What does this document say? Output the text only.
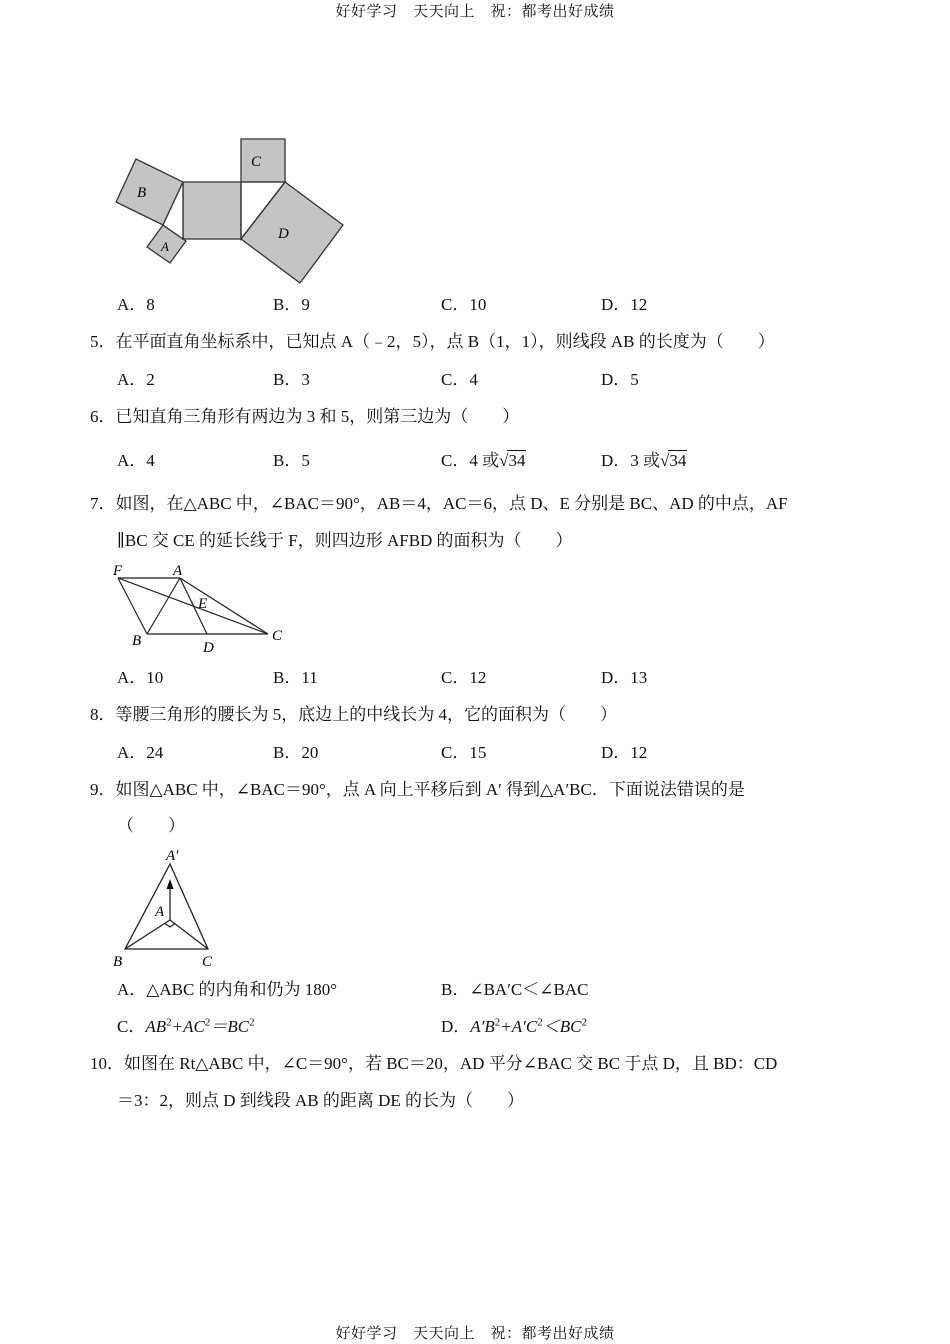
好好学习　天天向上　祝：都考出好成绩
好好学习　天天向上　祝：都考出好成绩
B
A
C
D
A．8	B．9	C．10	D．12
5．在平面直角坐标系中，已知点 A（﹣2，5），点 B（1，1），则线段 AB 的长度为（　　）
A．2	B．3	C．4	D．5
6．已知直角三角形有两边为 3 和 5，则第三边为（　　）
A．4	B．5	C．4 或√34	D．3 或√34
7．如图，在△ABC 中，∠BAC＝90°，AB＝4，AC＝6，点 D、E 分别是 BC、AD 的中点，AF
∥BC 交 CE 的延长线于 F，则四边形 AFBD 的面积为（　　）
F	A
E
B	D
C
A．10	B．11	C．12	D．13
8．等腰三角形的腰长为 5，底边上的中线长为 4，它的面积为（　　）
A．24	B．20	C．15	D．12
9．如图△ABC 中，∠BAC＝90°，点 A 向上平移后到 A′ 得到△A′BC．下面说法错误的是
（　　）
A′
A
B	C
A．△ABC 的内角和仍为 180°	B．∠BA′C＜∠BAC
C．$AB^2+AC^2=BC^2$	D．$A'B^2+A'C^2<BC^2$
10．如图在 Rt△ABC 中，∠C＝90°，若 BC＝20，AD 平分∠BAC 交 BC 于点 D，且 BD：CD
＝3：2，则点 D 到线段 AB 的距离 DE 的长为（　　）
